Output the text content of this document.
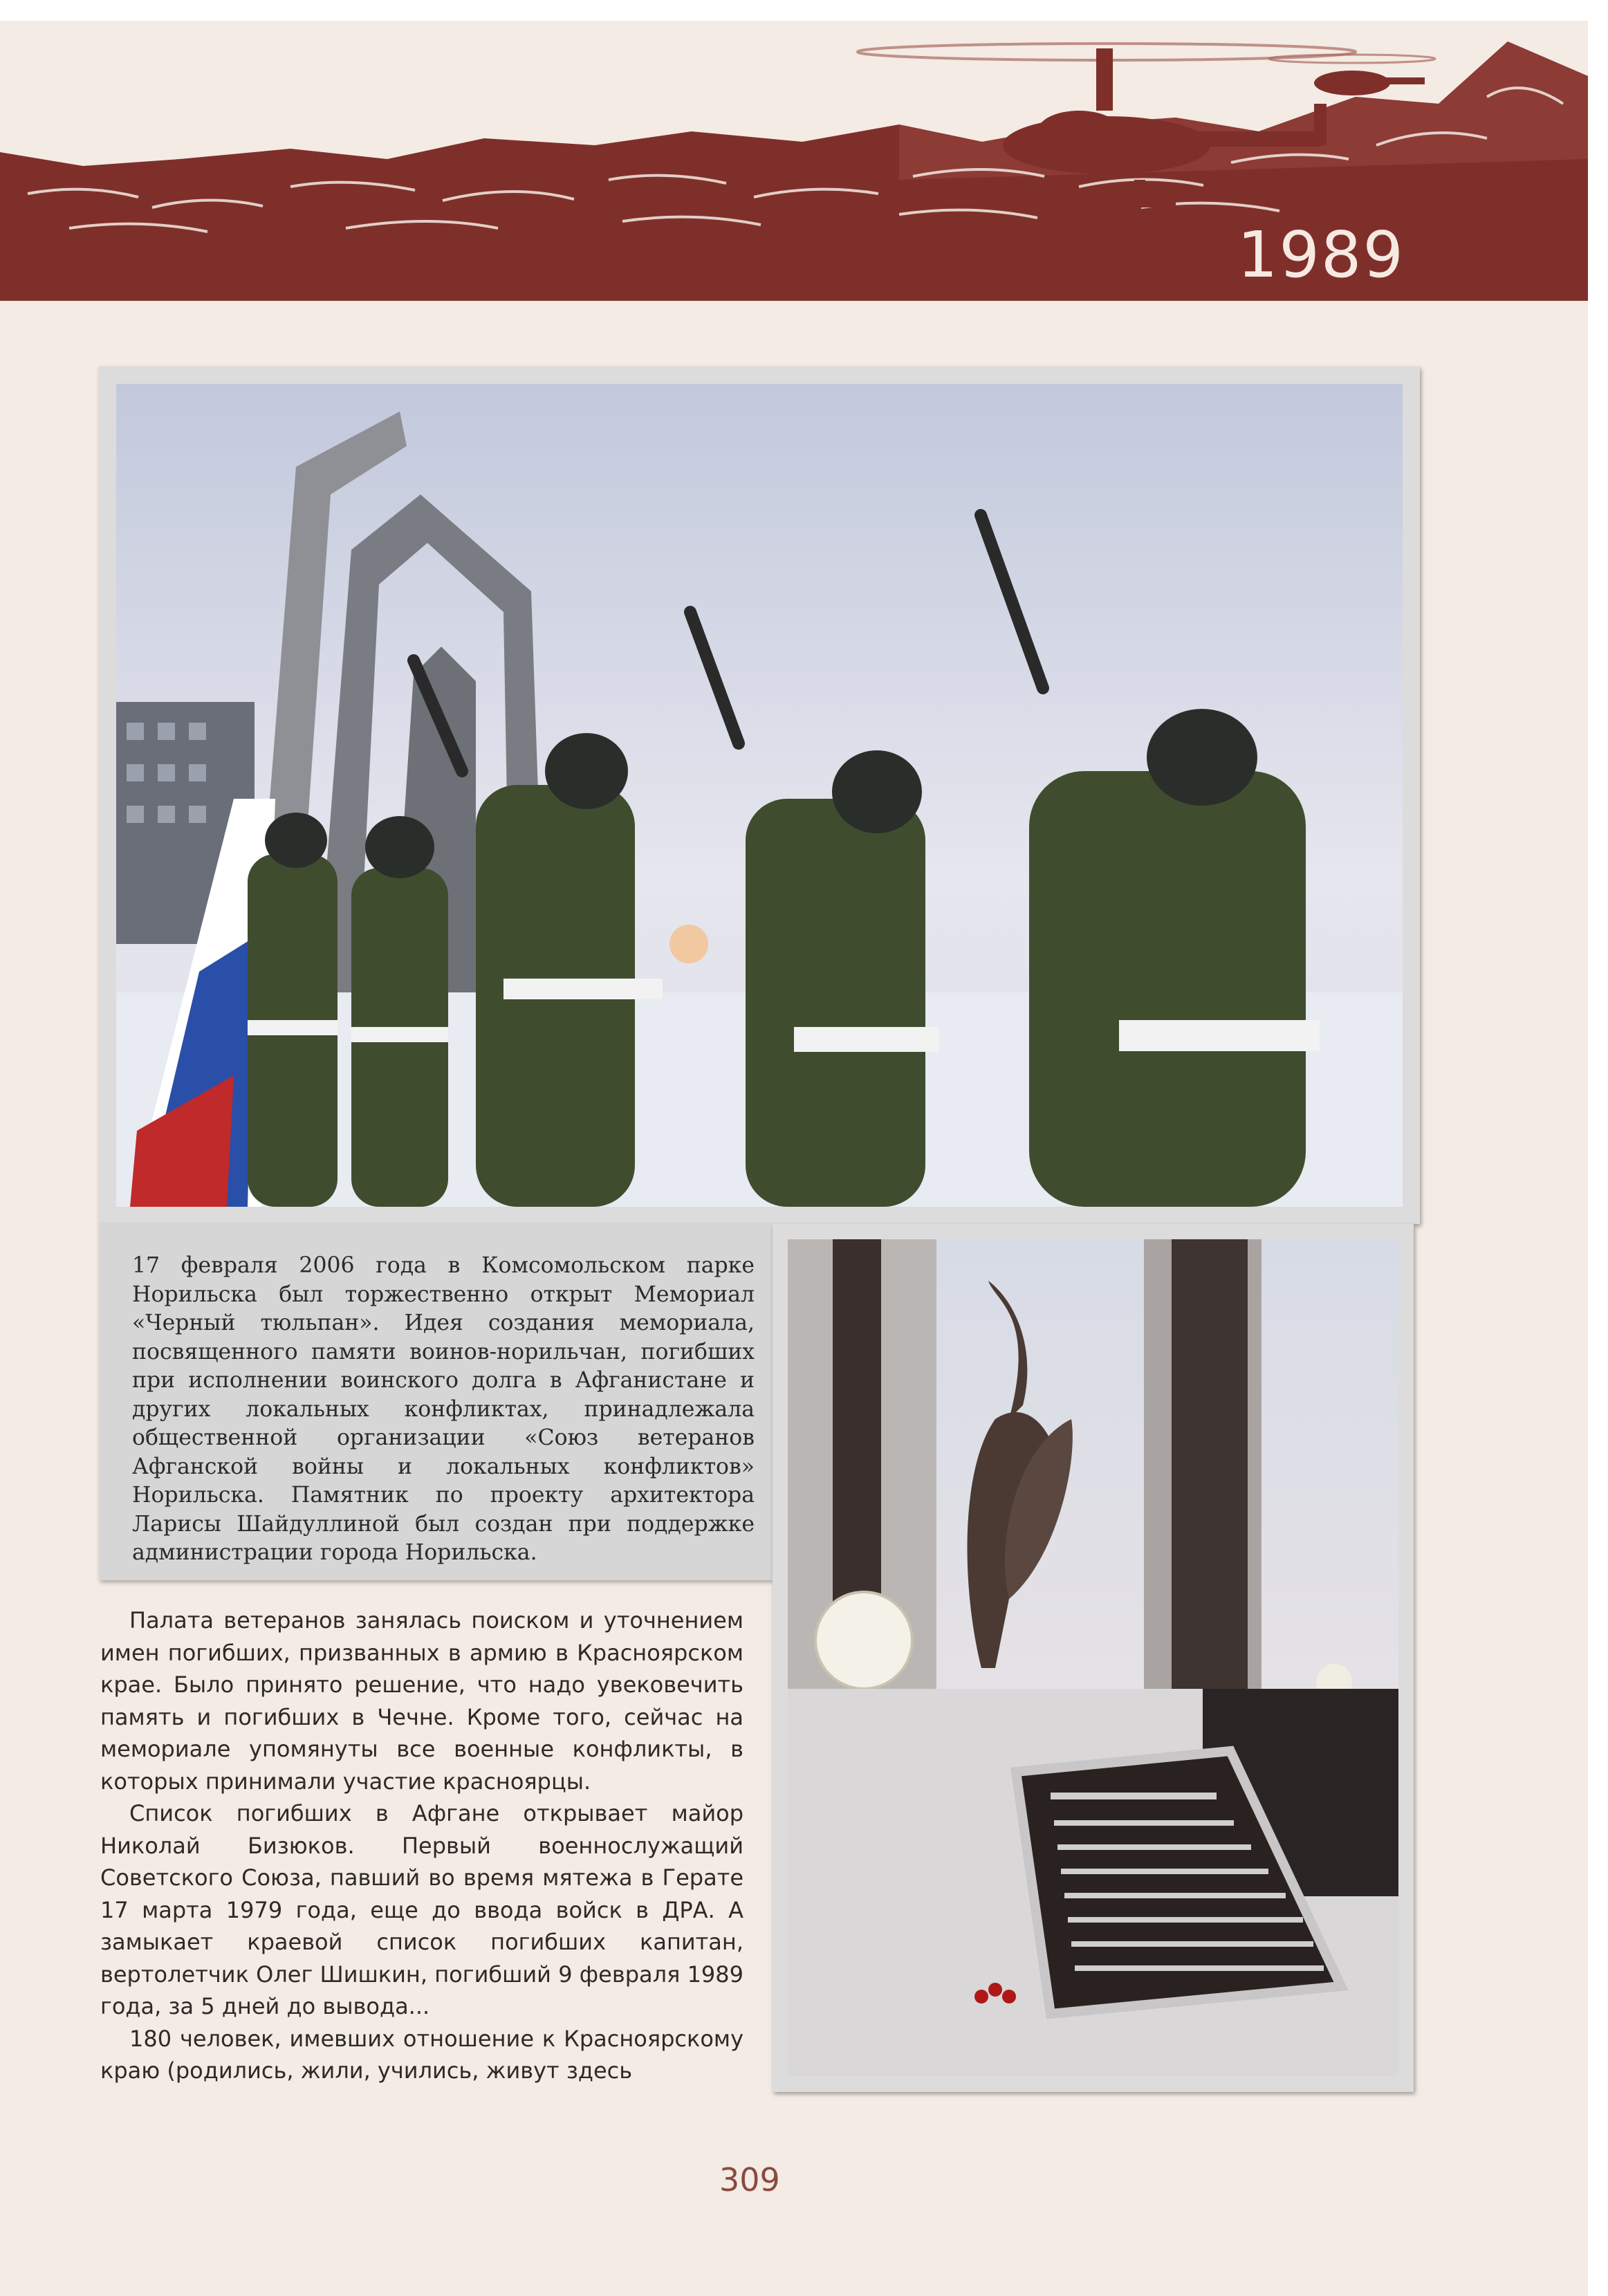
1989

17 февраля 2006 года в Комсомольском парке Норильска был торжественно открыт Мемориал «Черный тюльпан». Идея создания мемориала, посвященного памяти воинов-норильчан, погибших при исполнении воинского долга в Афганистане и других локальных конфликтах, принадлежала общественной организации «Союз ветеранов Афганской войны и локальных конфликтов» Норильска. Памятник по проекту архитектора Ларисы Шайдуллиной был создан при поддержке администрации города Норильска.

Палата ветеранов занялась поиском и уточнением имен погибших, призванных в армию в Красноярском крае. Было принято решение, что надо увековечить память и погибших в Чечне. Кроме того, сейчас на мемориале упомянуты все военные конфликты, в которых принимали участие красноярцы.

Список погибших в Афгане открывает майор Николай Бизюков. Первый военнослужащий Советского Союза, павший во время мятежа в Герате 17 марта 1979 года, еще до ввода войск в ДРА. А замыкает краевой список погибших капитан, вертолетчик Олег Шишкин, погибший 9 февраля 1989 года, за 5 дней до вывода...

180 человек, имевших отношение к Красноярскому краю (родились, жили, учились, живут здесь

309
